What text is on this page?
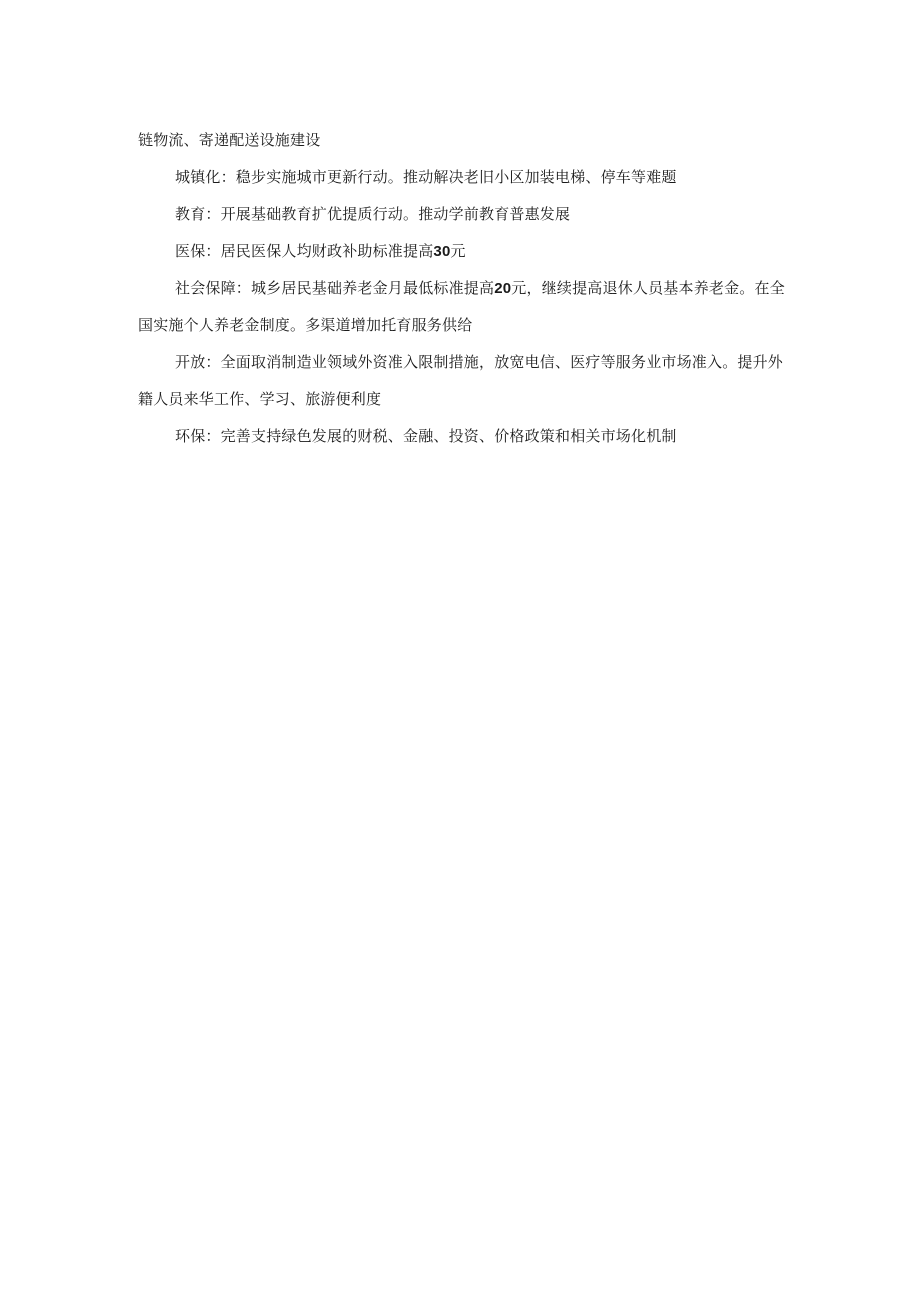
链物流、寄递配送设施建设

城镇化：稳步实施城市更新行动。推动解决老旧小区加装电梯、停车等难题

教育：开展基础教育扩优提质行动。推动学前教育普惠发展

医保：居民医保人均财政补助标准提高30元

社会保障：城乡居民基础养老金月最低标准提高20元，继续提高退休人员基本养老金。在全国实施个人养老金制度。多渠道增加托育服务供给

开放：全面取消制造业领域外资准入限制措施，放宽电信、医疗等服务业市场准入。提升外籍人员来华工作、学习、旅游便利度

环保：完善支持绿色发展的财税、金融、投资、价格政策和相关市场化机制
